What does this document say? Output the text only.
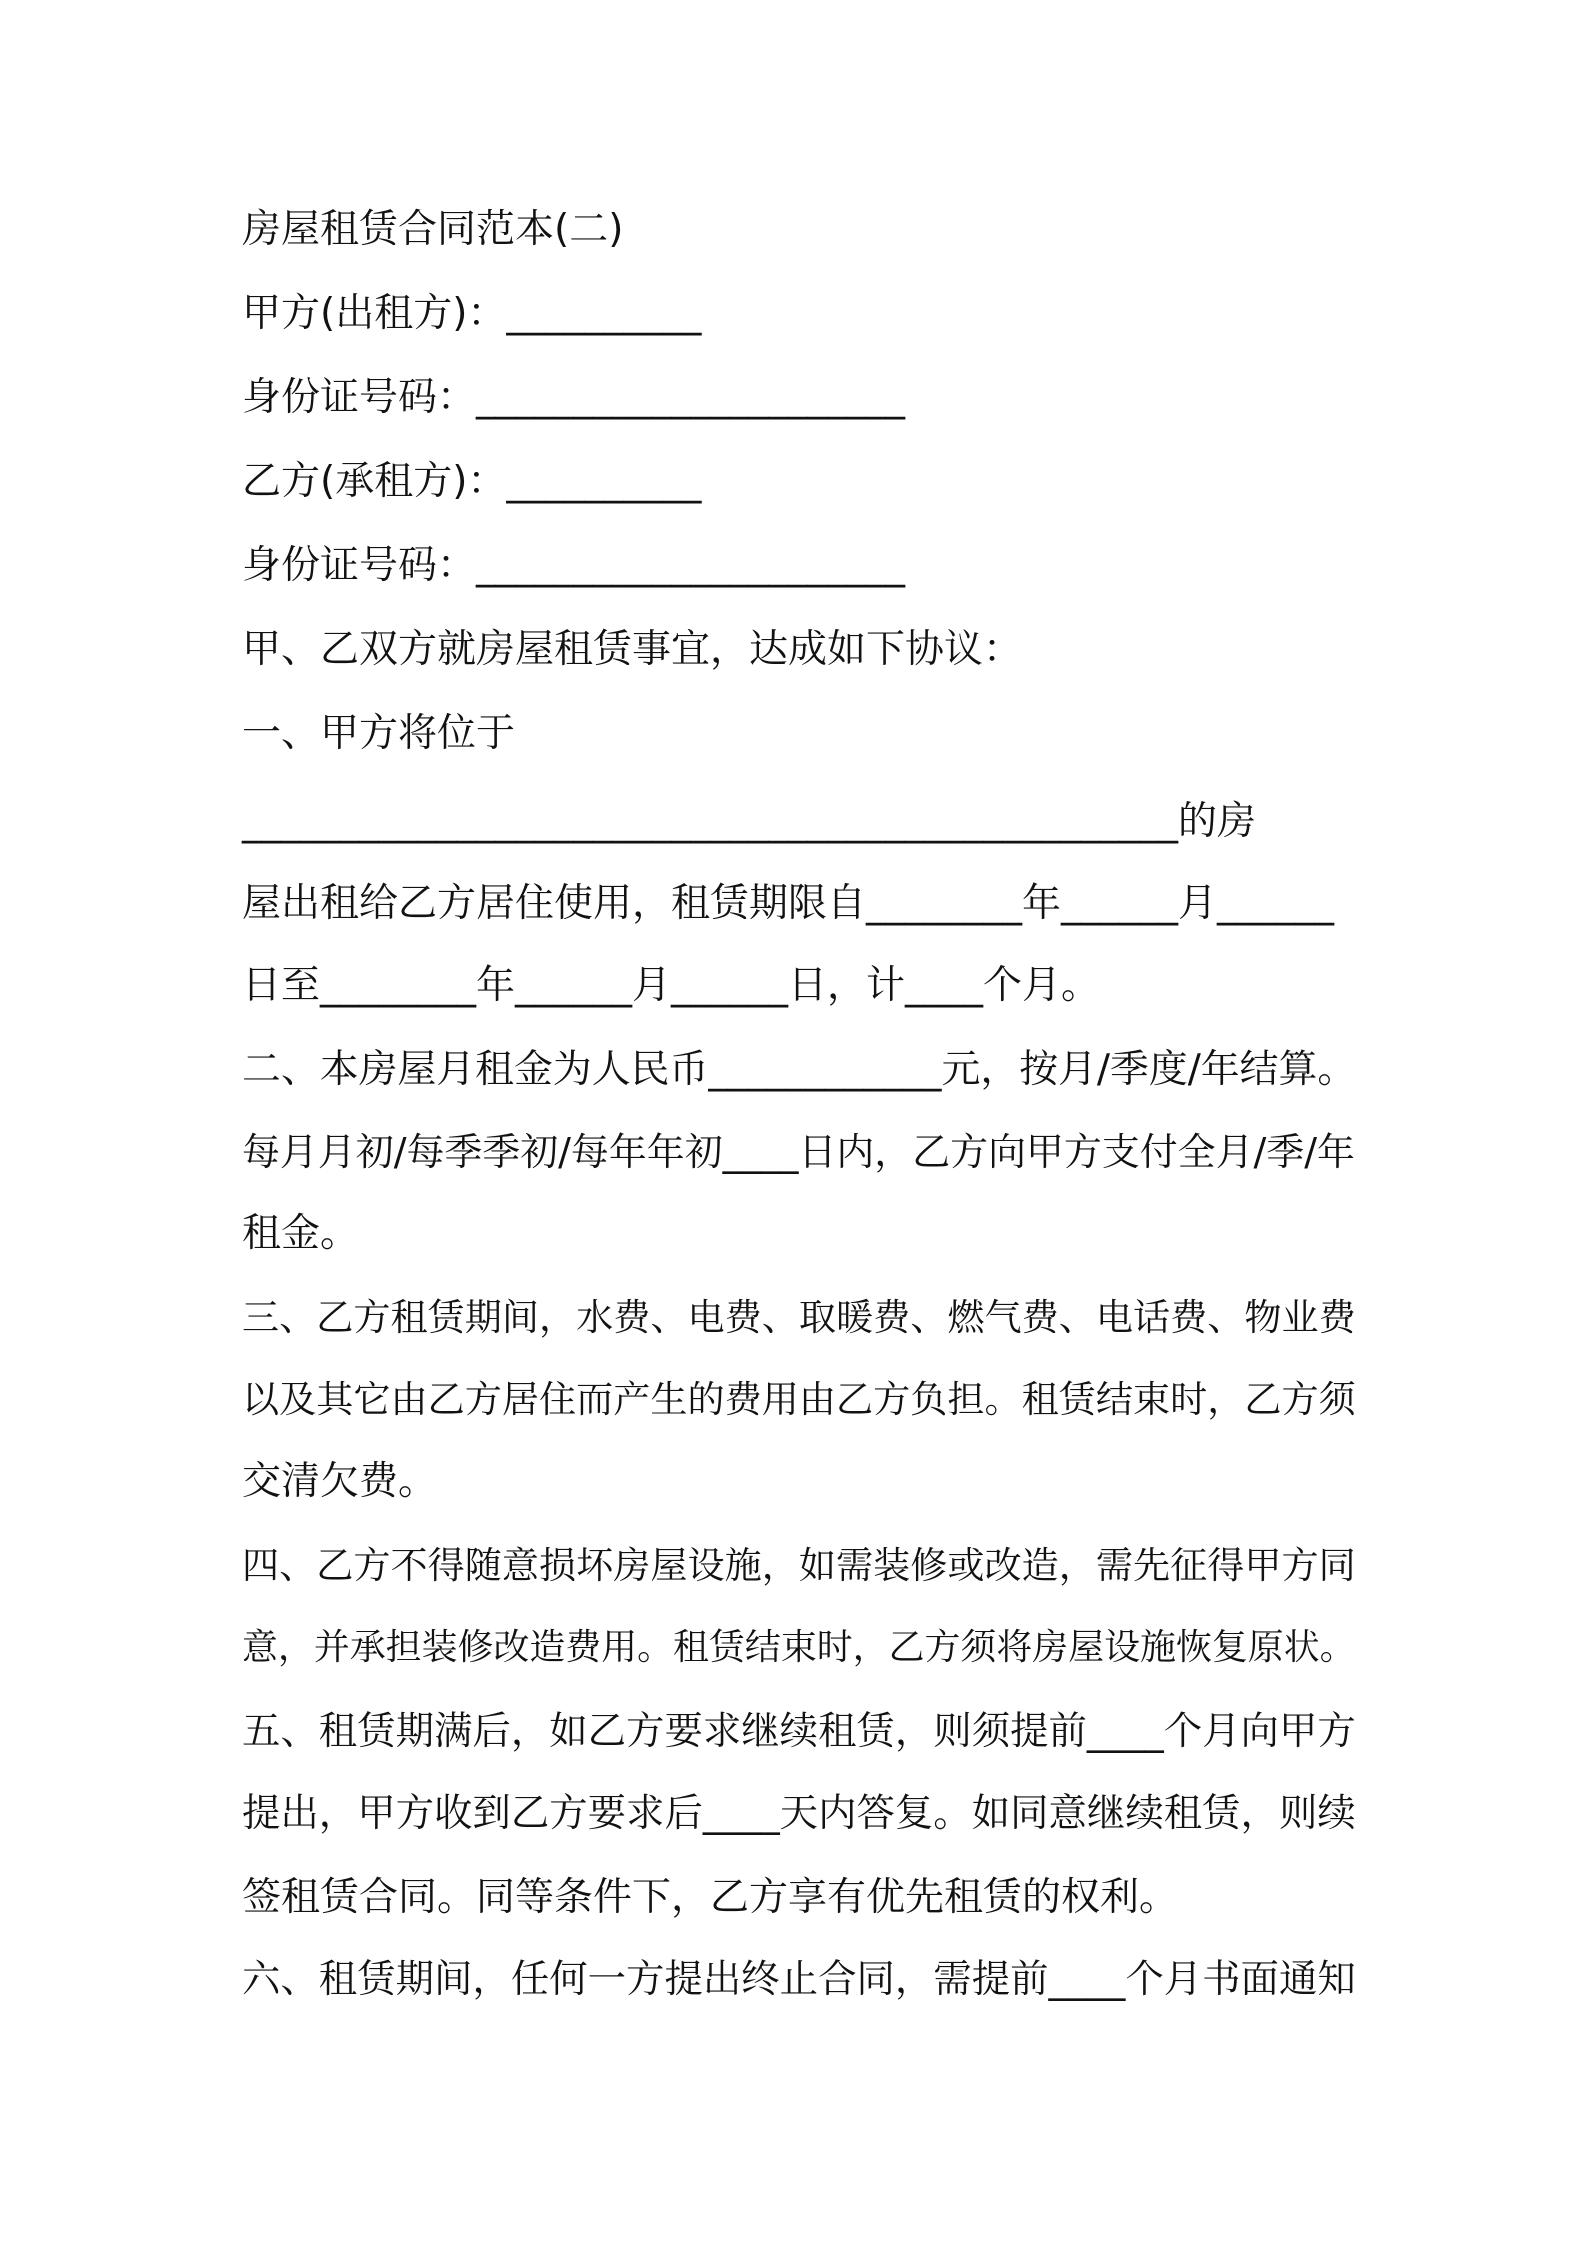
房屋租赁合同范本(二)

甲方(出租方)：__________

身份证号码：______________________

乙方(承租方)：__________

身份证号码：______________________

甲、乙双方就房屋租赁事宜，达成如下协议：

一、甲方将位于

________________________________________________的房

屋出租给乙方居住使用，租赁期限自________年______月______

日至________年______月______日，计____个月。

二、本房屋月租金为人民币____________元，按月/季度/年结算。

每月月初/每季季初/每年年初____日内，乙方向甲方支付全月/季/年

租金。

三、乙方租赁期间，水费、电费、取暖费、燃气费、电话费、物业费

以及其它由乙方居住而产生的费用由乙方负担。租赁结束时，乙方须

交清欠费。

四、乙方不得随意损坏房屋设施，如需装修或改造，需先征得甲方同

意，并承担装修改造费用。租赁结束时，乙方须将房屋设施恢复原状。

五、租赁期满后，如乙方要求继续租赁，则须提前____个月向甲方

提出，甲方收到乙方要求后____天内答复。如同意继续租赁，则续

签租赁合同。同等条件下，乙方享有优先租赁的权利。

六、租赁期间，任何一方提出终止合同，需提前____个月书面通知
